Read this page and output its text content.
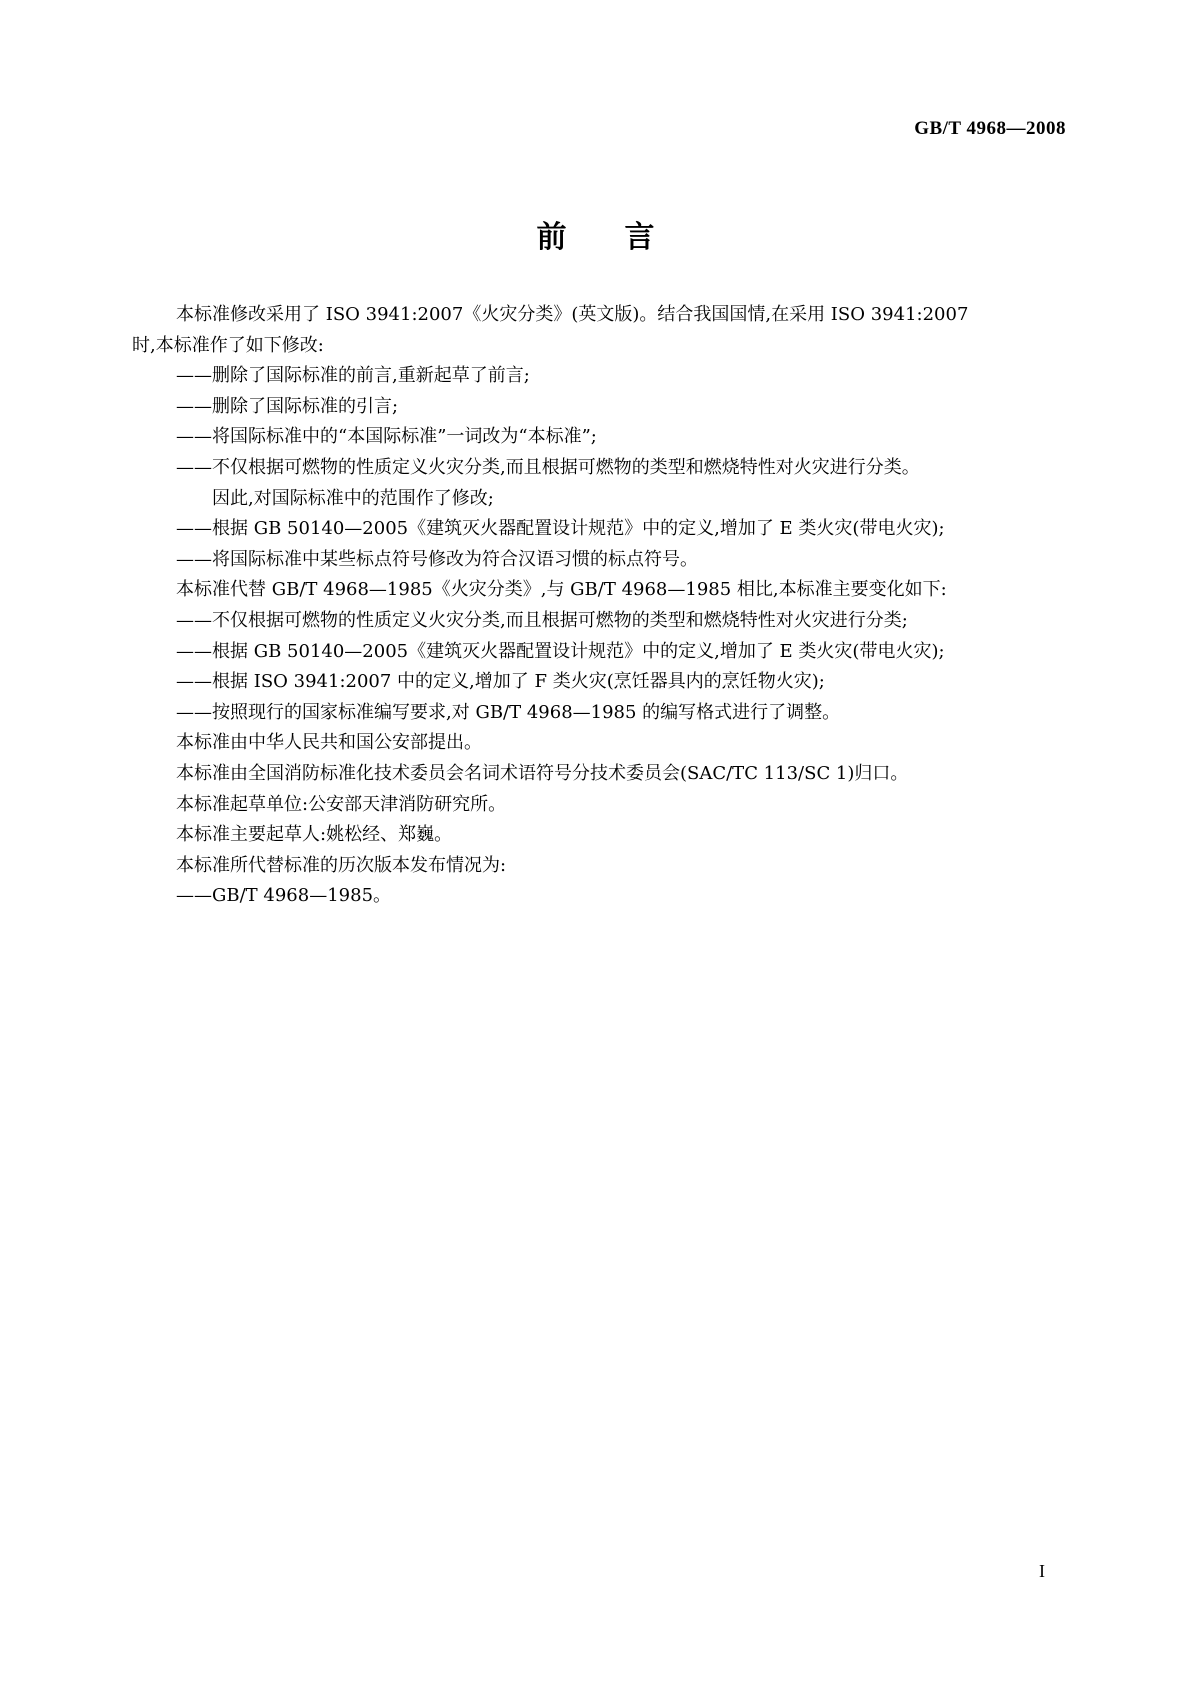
GB/T 4968—2008
前言
本标准修改采用了 ISO 3941:2007《火灾分类》(英文版)。结合我国国情,在采用 ISO 3941:2007
时,本标准作了如下修改:
——删除了国际标准的前言,重新起草了前言;
——删除了国际标准的引言;
——将国际标准中的“本国际标准”一词改为“本标准”;
——不仅根据可燃物的性质定义火灾分类,而且根据可燃物的类型和燃烧特性对火灾进行分类。
因此,对国际标准中的范围作了修改;
——根据 GB 50140—2005《建筑灭火器配置设计规范》中的定义,增加了 E 类火灾(带电火灾);
——将国际标准中某些标点符号修改为符合汉语习惯的标点符号。
本标准代替 GB/T 4968—1985《火灾分类》,与 GB/T 4968—1985 相比,本标准主要变化如下:
——不仅根据可燃物的性质定义火灾分类,而且根据可燃物的类型和燃烧特性对火灾进行分类;
——根据 GB 50140—2005《建筑灭火器配置设计规范》中的定义,增加了 E 类火灾(带电火灾);
——根据 ISO 3941:2007 中的定义,增加了 F 类火灾(烹饪器具内的烹饪物火灾);
——按照现行的国家标准编写要求,对 GB/T 4968—1985 的编写格式进行了调整。
本标准由中华人民共和国公安部提出。
本标准由全国消防标准化技术委员会名词术语符号分技术委员会(SAC/TC 113/SC 1)归口。
本标准起草单位:公安部天津消防研究所。
本标准主要起草人:姚松经、郑巍。
本标准所代替标准的历次版本发布情况为:
——GB/T 4968—1985。
I
